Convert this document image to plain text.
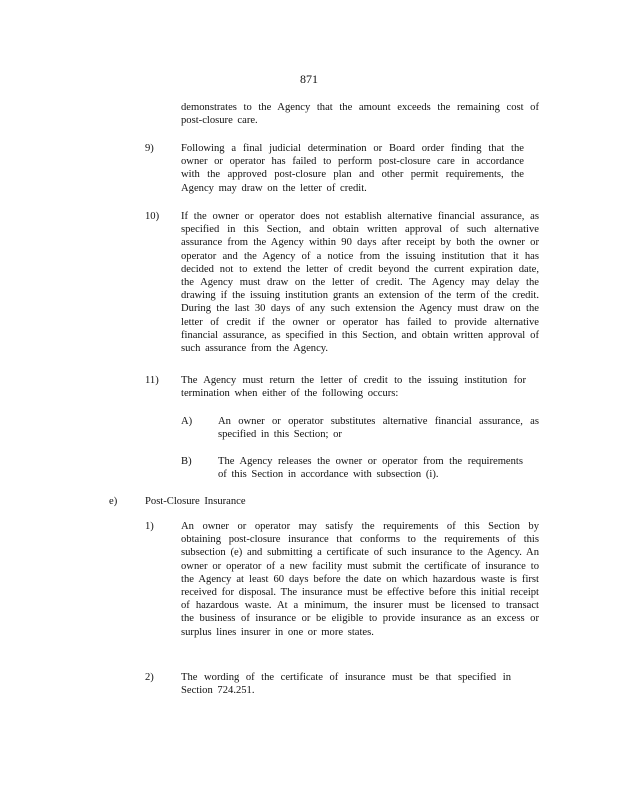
871
demonstrates to the Agency that the amount exceeds the remaining cost of post-closure care.
9)	Following a final judicial determination or Board order finding that the owner or operator has failed to perform post-closure care in accordance with the approved post-closure plan and other permit requirements, the Agency may draw on the letter of credit.
10) If the owner or operator does not establish alternative financial assurance, as specified in this Section, and obtain written approval of such alternative assurance from the Agency within 90 days after receipt by both the owner or operator and the Agency of a notice from the issuing institution that it has decided not to extend the letter of credit beyond the current expiration date, the Agency must draw on the letter of credit. The Agency may delay the drawing if the issuing institution grants an extension of the term of the credit. During the last 30 days of any such extension the Agency must draw on the letter of credit if the owner or operator has failed to provide alternative financial assurance, as specified in this Section, and obtain written approval of such assurance from the Agency.
11) The Agency must return the letter of credit to the issuing institution for termination when either of the following occurs:
A) An owner or operator substitutes alternative financial assurance, as specified in this Section; or
B) The Agency releases the owner or operator from the requirements of this Section in accordance with subsection (i).
e)	Post-Closure Insurance
1)	An owner or operator may satisfy the requirements of this Section by obtaining post-closure insurance that conforms to the requirements of this subsection (e) and submitting a certificate of such insurance to the Agency. An owner or operator of a new facility must submit the certificate of insurance to the Agency at least 60 days before the date on which hazardous waste is first received for disposal. The insurance must be effective before this initial receipt of hazardous waste. At a minimum, the insurer must be licensed to transact the business of insurance or be eligible to provide insurance as an excess or surplus lines insurer in one or more states.
2)	The wording of the certificate of insurance must be that specified in Section 724.251.
